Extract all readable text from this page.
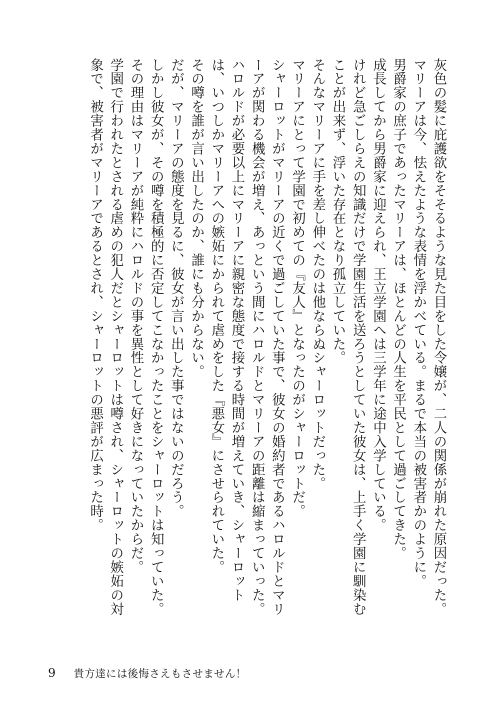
灰色の髪に庇護欲をそそるような見た目をした令嬢が、二人の関係が崩れた原因だった。

マリーアは今、怯えたような表情を浮かべている。まるで本当の被害者かのように。

男爵家の庶子であったマリーアは、ほとんどの人生を平民として過ごしてきた。

成長してから男爵家に迎えられ、王立学園へは三学年に途中入学している。

けれど急ごしらえの知識だけで学園生活を送ろうとしていた彼女は、上手く学園に馴染むことが出来ず、浮いた存在となり孤立していた。

そんなマリーアに手を差し伸べたのは他ならぬシャーロットだった。

マリーアにとって学園で初めての『友人』となったのがシャーロットだ。

シャーロットがマリーアの近くで過ごしていた事で、彼女の婚約者であるハロルドとマリーアが関わる機会が増え、あっという間にハロルドとマリーアの距離は縮まっていった。

ハロルドが必要以上にマリーアに親密な態度で接する時間が増えていき、シャーロットは、いつしかマリーアへの嫉妬にかられて虐めをした『悪女』にさせられていた。

その噂を誰が言い出したのか、誰にも分からない。

だが、マリーアの態度を見るに、彼女が言い出した事ではないのだろう。

しかし彼女が、その噂を積極的に否定してこなかったことをシャーロットは知っていた。

その理由はマリーアが純粋にハロルドの事を異性として好きになっていたからだ。

学園で行われたとされる虐めの犯人だとシャーロットは噂され、シャーロットの嫉妬の対象で、被害者がマリーアであるとされ、シャーロットの悪評が広まった時。

9 貴方達には後悔さえもさせません！
